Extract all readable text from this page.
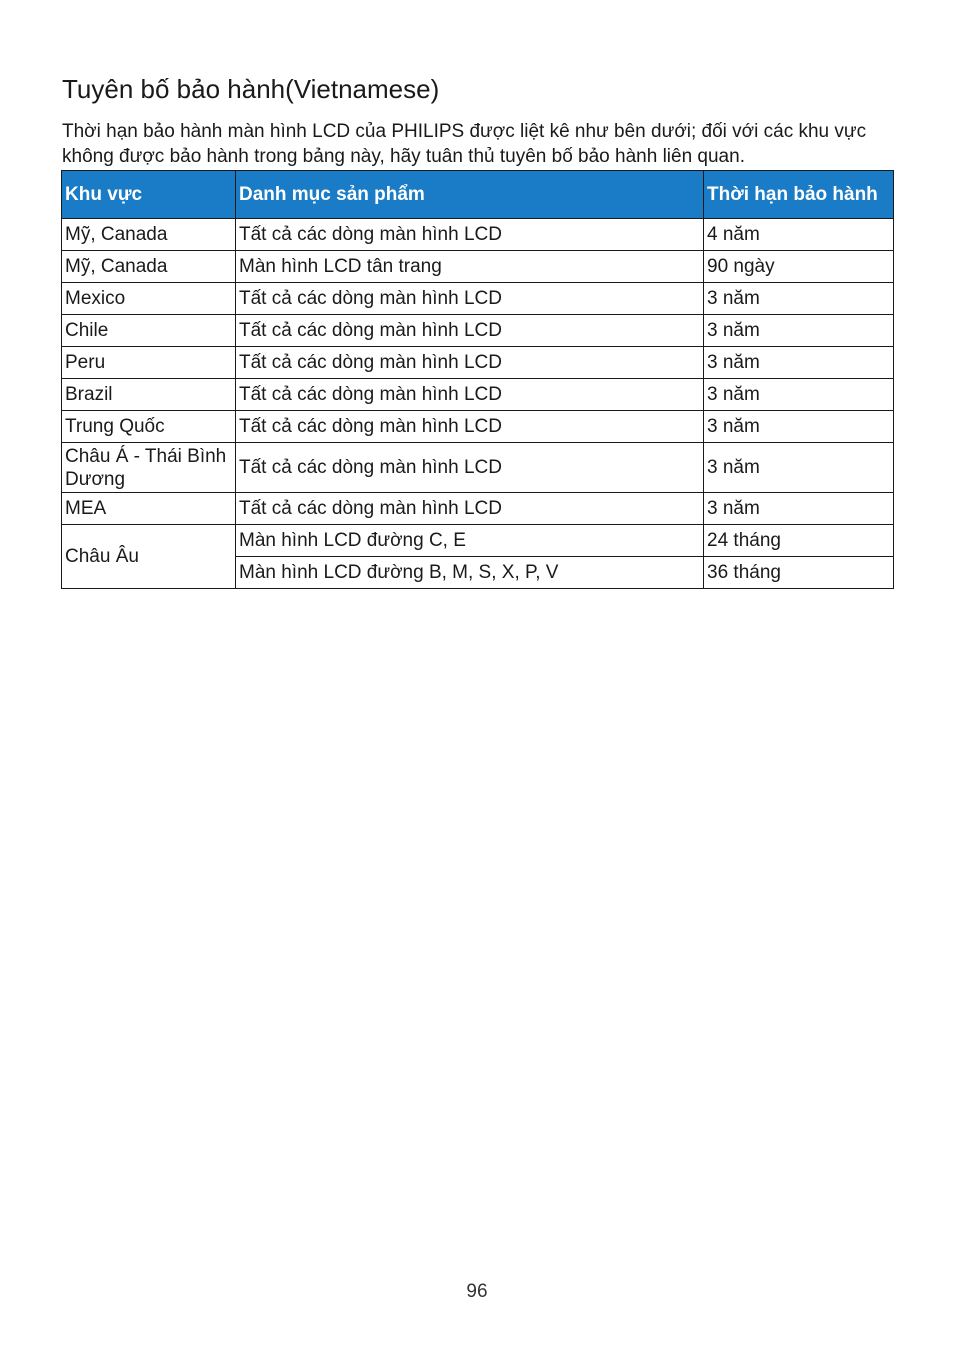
Tuyên bố bảo hành(Vietnamese)

Thời hạn bảo hành màn hình LCD của PHILIPS được liệt kê như bên dưới; đối với các khu vực không được bảo hành trong bảng này, hãy tuân thủ tuyên bố bảo hành liên quan.

Khu vực	Danh mục sản phẩm	Thời hạn bảo hành
Mỹ, Canada	Tất cả các dòng màn hình LCD	4 năm
Mỹ, Canada	Màn hình LCD tân trang	90 ngày
Mexico	Tất cả các dòng màn hình LCD	3 năm
Chile	Tất cả các dòng màn hình LCD	3 năm
Peru	Tất cả các dòng màn hình LCD	3 năm
Brazil	Tất cả các dòng màn hình LCD	3 năm
Trung Quốc	Tất cả các dòng màn hình LCD	3 năm
Châu Á - Thái Bình Dương	Tất cả các dòng màn hình LCD	3 năm
MEA	Tất cả các dòng màn hình LCD	3 năm
Châu Âu	Màn hình LCD đường C, E	24 tháng
	Màn hình LCD đường B, M, S, X, P, V	36 tháng
96
